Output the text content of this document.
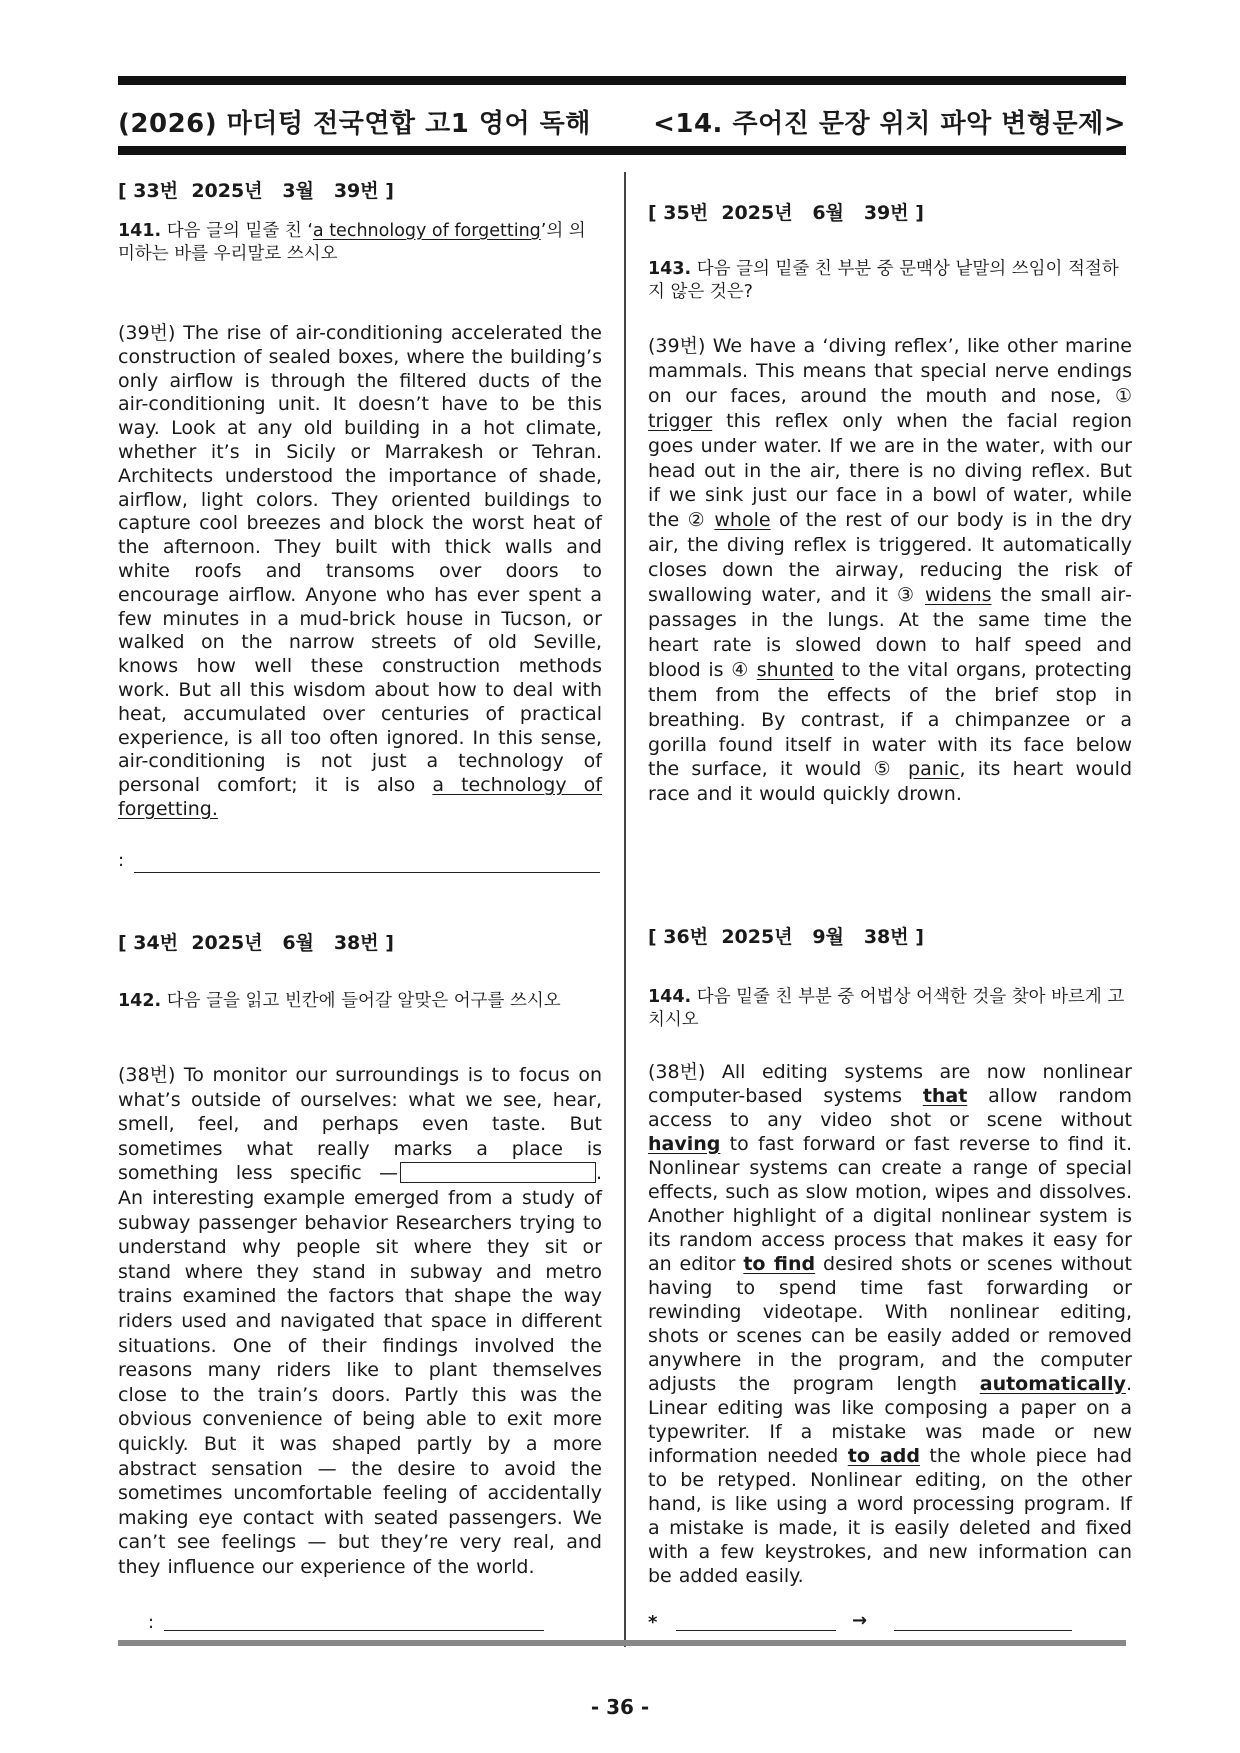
(2026) 마더텅 전국연합 고1 영어 독해 <14. 주어진 문장 위치 파악 변형문제>
[ 33번  2025년   3월   39번 ]
141. 다음 글의 밑줄 친 ‘a technology of forgetting’의 의미하는 바를 우리말로 쓰시오
(39번) The rise of air-conditioning accelerated the construction of sealed boxes, where the building’s only airflow is through the filtered ducts of the air-conditioning unit. It doesn’t have to be this way. Look at any old building in a hot climate, whether it’s in Sicily or Marrakesh or Tehran. Architects understood the importance of shade, airflow, light colors. They oriented buildings to capture cool breezes and block the worst heat of the afternoon. They built with thick walls and white roofs and transoms over doors to encourage airflow. Anyone who has ever spent a few minutes in a mud-brick house in Tucson, or walked on the narrow streets of old Seville, knows how well these construction methods work. But all this wisdom about how to deal with heat, accumulated over centuries of practical experience, is all too often ignored. In this sense, air-conditioning is not just a technology of personal comfort; it is also a technology of forgetting.
:
[ 34번  2025년   6월   38번 ]
142. 다음 글을 읽고 빈칸에 들어갈 알맞은 어구를 쓰시오
(38번) To monitor our surroundings is to focus on what’s outside of ourselves: what we see, hear, smell, feel, and perhaps even taste. But sometimes what really marks a place is something less specific —	. An interesting example emerged from a study of subway passenger behavior Researchers trying to understand why people sit where they sit or stand where they stand in subway and metro trains examined the factors that shape the way riders used and navigated that space in different situations. One of their findings involved the reasons many riders like to plant themselves close to the train’s doors. Partly this was the obvious convenience of being able to exit more quickly. But it was shaped partly by a more abstract sensation — the desire to avoid the sometimes uncomfortable feeling of accidentally making eye contact with seated passengers. We can’t see feelings — but they’re very real, and they influence our experience of the world.
:
[ 35번  2025년   6월   39번 ]
143. 다음 글의 밑줄 친 부분 중 문맥상 낱말의 쓰임이 적절하지 않은 것은?
(39번) We have a ‘diving reflex’, like other marine mammals. This means that special nerve endings on our faces, around the mouth and nose, ① trigger this reflex only when the facial region goes under water. If we are in the water, with our head out in the air, there is no diving reflex. But if we sink just our face in a bowl of water, while the ② whole of the rest of our body is in the dry air, the diving reflex is triggered. It automatically closes down the airway, reducing the risk of swallowing water, and it ③ widens the small air‐passages in the lungs. At the same time the heart rate is slowed down to half speed and blood is ④ shunted to the vital organs, protecting them from the effects of the brief stop in breathing. By contrast, if a chimpanzee or a gorilla found itself in water with its face below the surface, it would ⑤ panic, its heart would race and it would quickly drown.
[ 36번  2025년   9월   38번 ]
144. 다음 밑줄 친 부분 중 어법상 어색한 것을 찾아 바르게 고치시오
(38번) All editing systems are now nonlinear computer-based systems that allow random access to any video shot or scene without having to fast forward or fast reverse to find it. Nonlinear systems can create a range of special effects, such as slow motion, wipes and dissolves. Another highlight of a digital nonlinear system is its random access process that makes it easy for an editor to find desired shots or scenes without having to spend time fast forwarding or rewinding videotape. With nonlinear editing, shots or scenes can be easily added or removed anywhere in the program, and the computer adjusts the program length automatically. Linear editing was like composing a paper on a typewriter. If a mistake was made or new information needed to add the whole piece had to be retyped. Nonlinear editing, on the other hand, is like using a word processing program. If a mistake is made, it is easily deleted and fixed with a few keystrokes, and new information can be added easily.
*	→
- 36 -
